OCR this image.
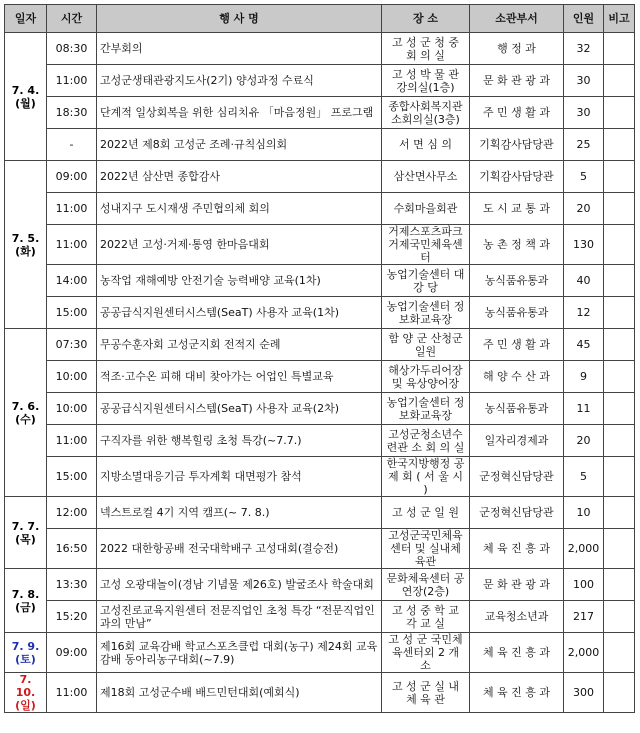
일자	시간	행 사 명	장 소	소관부서	인원	비고

7. 4.
(월)	08:30	간부회의	고 성 군 청 중 회 의 실	행 정 과	32	
	11:00	고성군생태관광지도사(2기) 양성과정 수료식	고 성 박 물 관 강의실(1층)	문 화 관 광 과	30	
	18:30	단계적 일상회복을 위한 심리치유 「마음정원」 프로그램	종합사회복지관 소회의실(3층)	주 민 생 활 과	30	
	-	2022년 제8회 고성군 조례·규칙심의회	서 면 심 의	기획감사담당관	25	

7. 5.
(화)	09:00	2022년 삼산면 종합감사	삼산면사무소	기획감사담당관	5	
	11:00	성내지구 도시재생 주민협의체 회의	수회마을회관	도 시 교 통 과	20	
	11:00	2022년 고성·거제·통영 한마음대회	거제스포츠파크 거제국민체육센터	농 촌 정 책 과	130	
	14:00	농작업 재해예방 안전기술 능력배양 교육(1차)	농업기술센터 대 강 당	농식품유통과	40	
	15:00	공공급식지원센터시스템(SeaT) 사용자 교육(1차)	농업기술센터 정보화교육장	농식품유통과	12	

7. 6.
(수)	07:30	무공수훈자회 고성군지회 전적지 순례	함 양 군 산청군 일원	주 민 생 활 과	45	
	10:00	적조·고수온 피해 대비 찾아가는 어업인 특별교육	해상가두리어장 및 육상양어장	해 양 수 산 과	9	
	10:00	공공급식지원센터시스템(SeaT) 사용자 교육(2차)	농업기술센터 정보화교육장	농식품유통과	11	
	11:00	구직자를 위한 행복힐링 초청 특강(~7.7.)	고성군청소년수련관 소 회 의 실	일자리경제과	20	
	15:00	지방소멸대응기금 투자계획 대면평가 참석	한국지방행정 공 제 회 ( 서 울 시 )	군정혁신담당관	5	

7. 7.
(목)	12:00	넥스트로컬 4기 지역 캠프(~ 7. 8.)	고 성 군 일 원	군정혁신담당관	10	
	16:50	2022 대한항공배 전국대학배구 고성대회(결승전)	고성군국민체육센터 및 실내체육관	체 육 진 흥 과	2,000	

7. 8.
(금)	13:30	고성 오광대놀이(경남 기념물 제26호) 발굴조사 학술대회	문화체육센터 공연장(2층)	문 화 관 광 과	100	
	15:20	고성진로교육지원센터 전문직업인 초청 특강 “전문직업인과의 만남”	고 성 중 학 교 각 교 실	교육청소년과	217	

7. 9.
(토)	09:00	제16회 교육감배 학교스포츠클럽 대회(농구) 제24회 교육감배 동아리농구대회(~7.9)	고 성 군 국민체육센터외 2 개 소	체 육 진 흥 과	2,000	

7. 10.
(일)	11:00	제18회 고성군수배 배드민턴대회(예회식)	고 성 군 실 내 체 육 관	체 육 진 흥 과	300	
